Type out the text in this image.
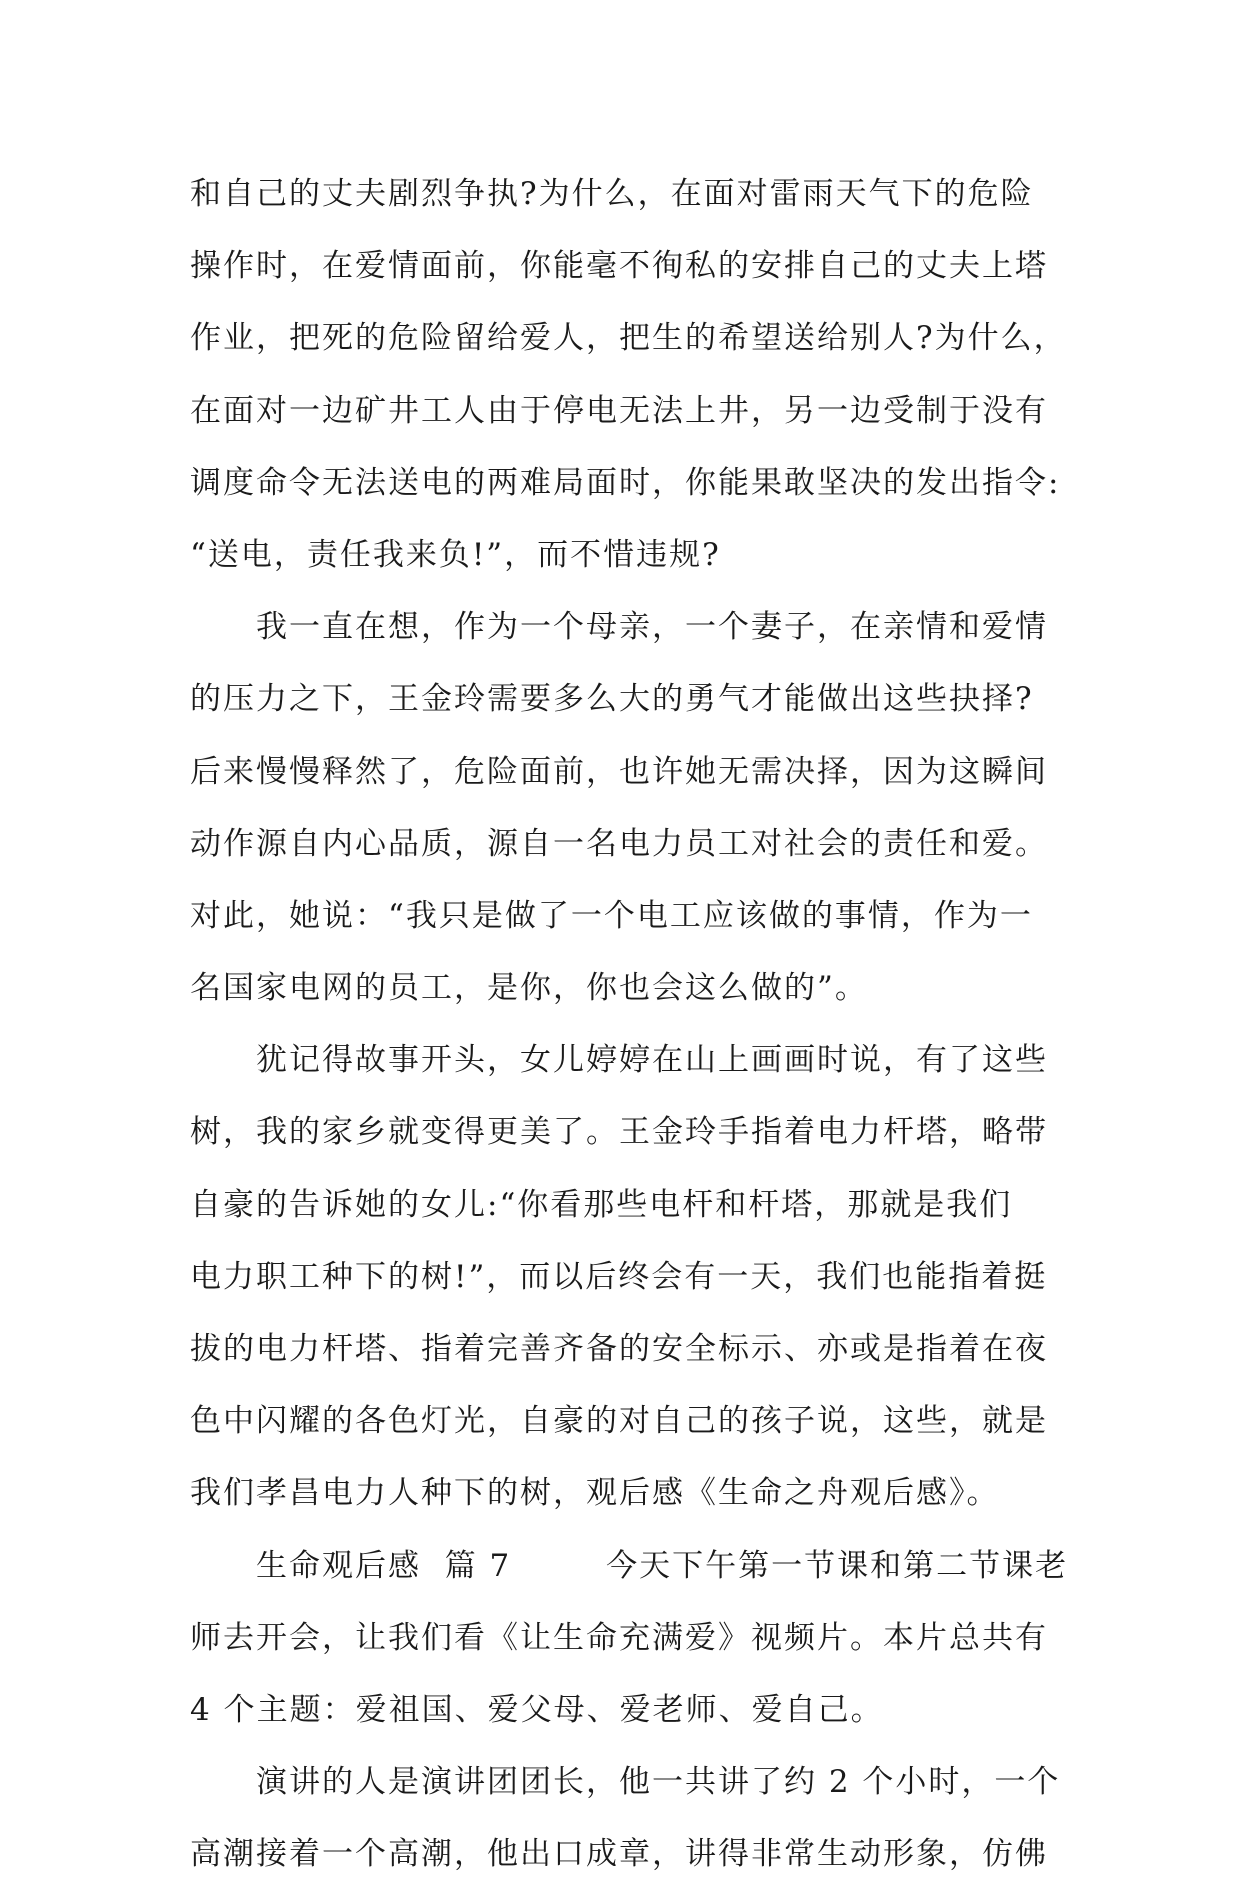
和自己的丈夫剧烈争执?为什么，在面对雷雨天气下的危险
操作时，在爱情面前，你能毫不徇私的安排自己的丈夫上塔
作业，把死的危险留给爱人，把生的希望送给别人?为什么，
在面对一边矿井工人由于停电无法上井，另一边受制于没有
调度命令无法送电的两难局面时，你能果敢坚决的发出指令:
“送电，责任我来负!”，而不惜违规?
我一直在想，作为一个母亲，一个妻子，在亲情和爱情
的压力之下，王金玲需要多么大的勇气才能做出这些抉择?
后来慢慢释然了，危险面前，也许她无需决择，因为这瞬间
动作源自内心品质，源自一名电力员工对社会的责任和爱。
对此，她说：“我只是做了一个电工应该做的事情，作为一
名国家电网的员工，是你，你也会这么做的”。
犹记得故事开头，女儿婷婷在山上画画时说，有了这些
树，我的家乡就变得更美了。王金玲手指着电力杆塔，略带
自豪的告诉她的女儿:“你看那些电杆和杆塔，那就是我们
电力职工种下的树!”，而以后终会有一天，我们也能指着挺
拔的电力杆塔、指着完善齐备的安全标示、亦或是指着在夜
色中闪耀的各色灯光，自豪的对自己的孩子说，这些，就是
我们孝昌电力人种下的树，观后感《生命之舟观后感》。
生命观后感  篇 7        今天下午第一节课和第二节课老
师去开会，让我们看《让生命充满爱》视频片。本片总共有
4 个主题：爱祖国、爱父母、爱老师、爱自己。
演讲的人是演讲团团长，他一共讲了约 2 个小时，一个
高潮接着一个高潮，他出口成章，讲得非常生动形象，仿佛
